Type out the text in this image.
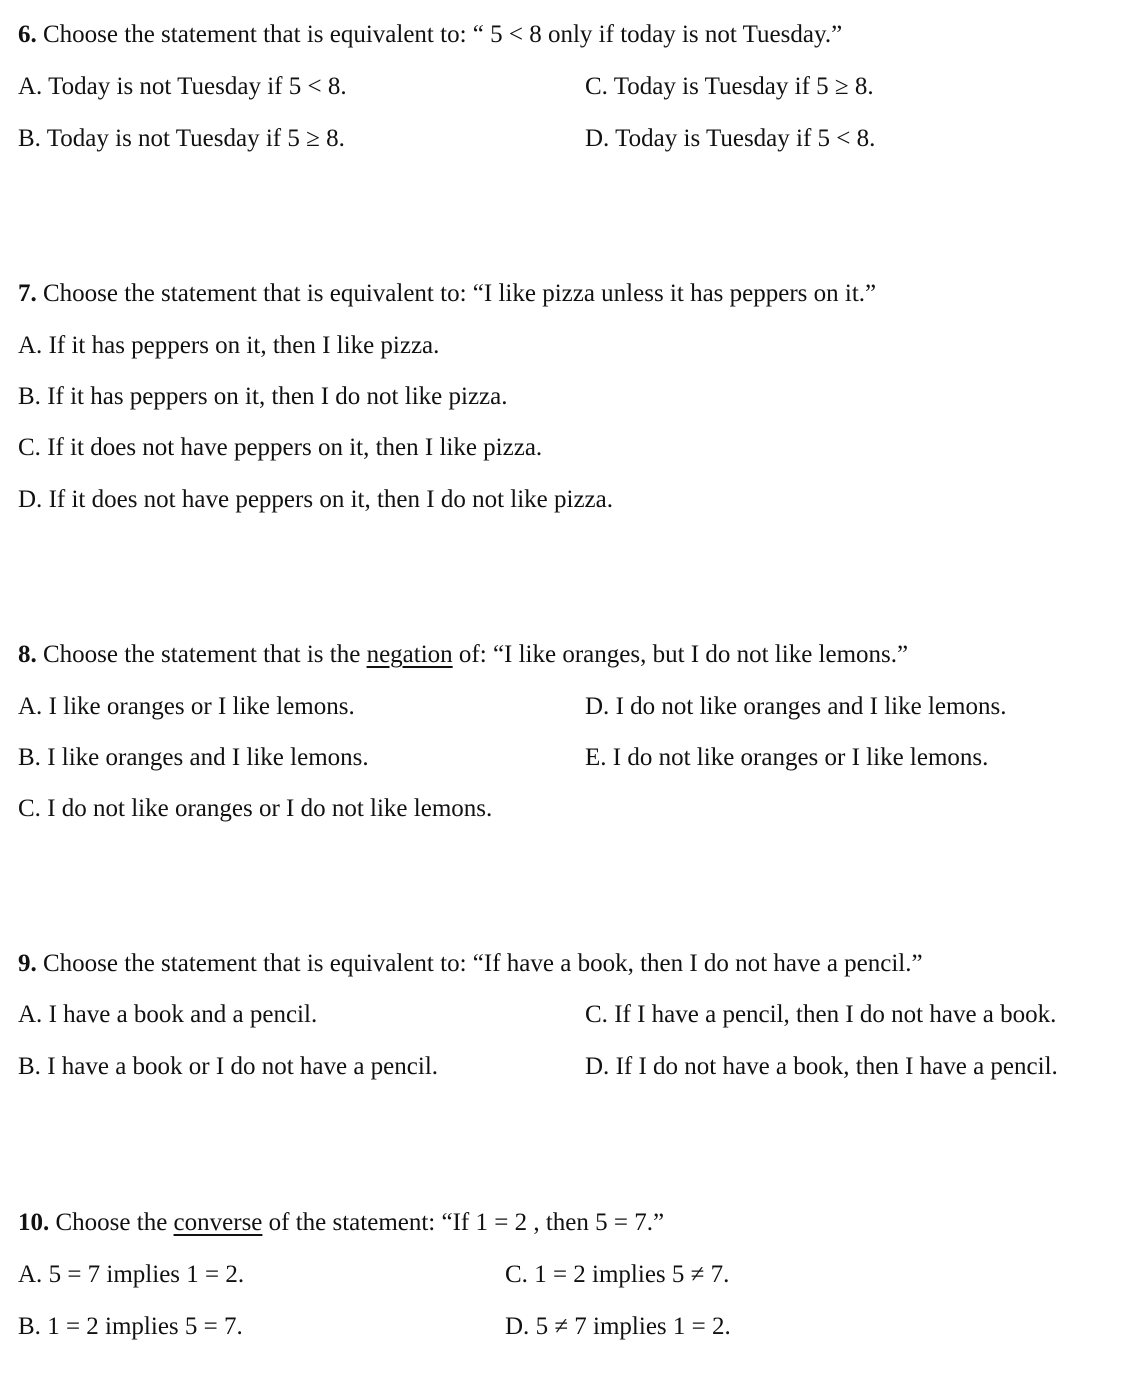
6. Choose the statement that is equivalent to: “ 5 < 8 only if today is not Tuesday.”
A. Today is not Tuesday if 5 < 8.
B. Today is not Tuesday if 5 ≥ 8.
C. Today is Tuesday if 5 ≥ 8.
D. Today is Tuesday if 5 < 8.
7. Choose the statement that is equivalent to: “I like pizza unless it has peppers on it.”
A. If it has peppers on it, then I like pizza.
B. If it has peppers on it, then I do not like pizza.
C. If it does not have peppers on it, then I like pizza.
D. If it does not have peppers on it, then I do not like pizza.
8. Choose the statement that is the negation of: “I like oranges, but I do not like lemons.”
A. I like oranges or I like lemons.
B. I like oranges and I like lemons.
C. I do not like oranges or I do not like lemons.
D. I do not like oranges and I like lemons.
E. I do not like oranges or I like lemons.
9. Choose the statement that is equivalent to: “If have a book, then I do not have a pencil.”
A. I have a book and a pencil.
B. I have a book or I do not have a pencil.
C. If I have a pencil, then I do not have a book.
D. If I do not have a book, then I have a pencil.
10. Choose the converse of the statement: “If 1 = 2 , then 5 = 7.”
A. 5 = 7 implies 1 = 2.
B. 1 = 2 implies 5 = 7.
C. 1 = 2 implies 5 ≠ 7.
D. 5 ≠ 7 implies 1 = 2.
